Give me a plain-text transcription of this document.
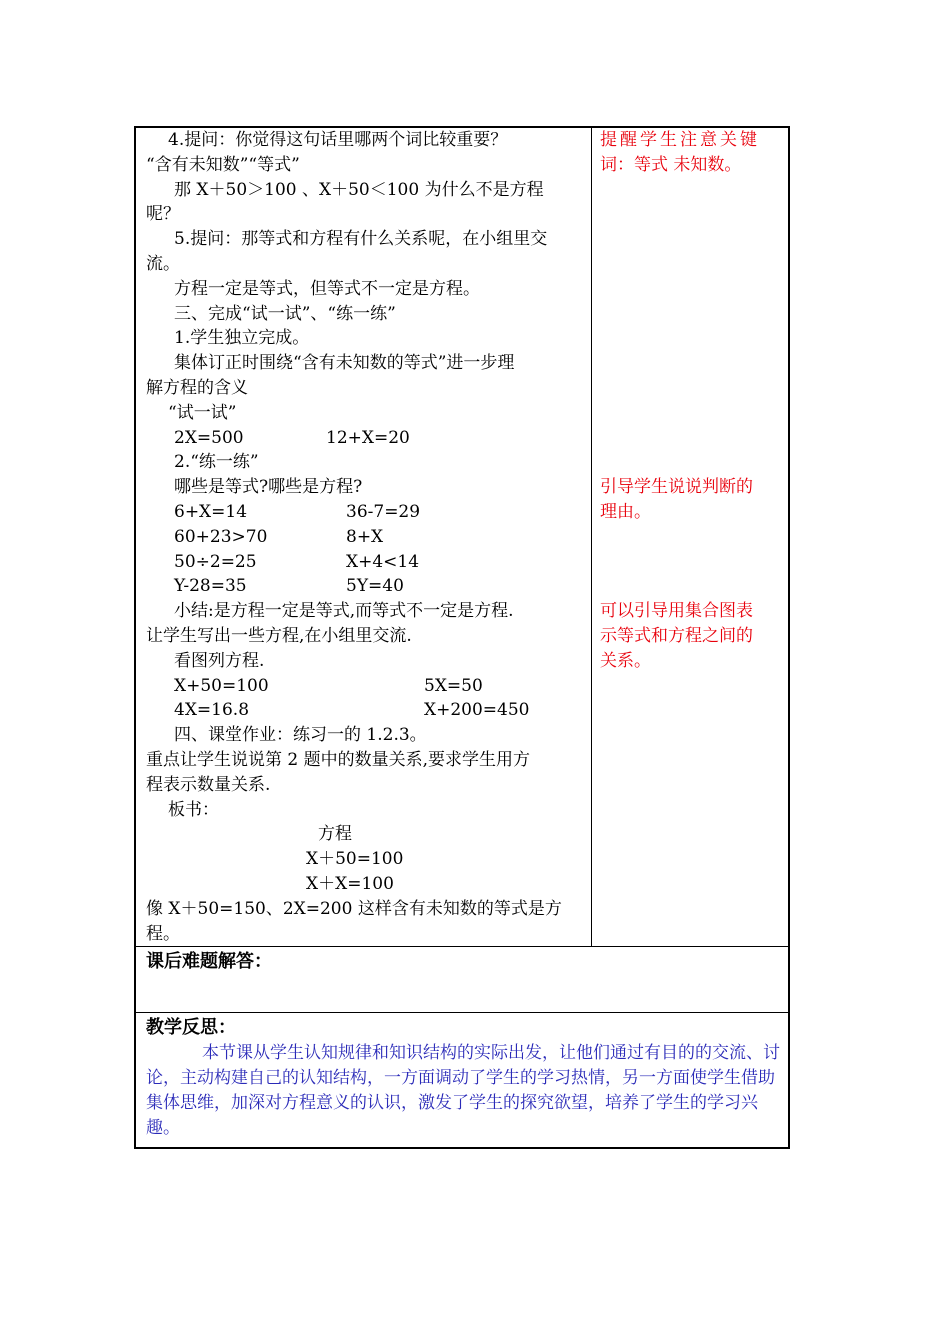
4.提问：你觉得这句话里哪两个词比较重要？
“含有未知数”“等式”
那 X＋50＞100 、X＋50＜100 为什么不是方程
呢？
5.提问：那等式和方程有什么关系呢，在小组里交
流。
方程一定是等式，但等式不一定是方程。
三、完成“试一试”、“练一练”
1.学生独立完成。
集体订正时围绕“含有未知数的等式”进一步理
解方程的含义
“试一试”
2X=500	12+X=20
2.“练一练”
哪些是等式?哪些是方程?
6+X=14	36-7=29
60+23>70	8+X
50÷2=25	X+4<14
Y-28=35	5Y=40
小结:是方程一定是等式,而等式不一定是方程.
让学生写出一些方程,在小组里交流.
看图列方程.
X+50=100	5X=50
4X=16.8	X+200=450
四、课堂作业：练习一的 1.2.3。
重点让学生说说第 2 题中的数量关系,要求学生用方
程表示数量关系.
板书：
方程
X＋50=100
X＋X=100
像 X＋50=150、2X=200 这样含有未知数的等式是方
程。
提醒学生注意关键
词：等式 未知数。
引导学生说说判断的
理由。
可以引导用集合图表
示等式和方程之间的
关系。
课后难题解答：
教学反思：
本节课从学生认知规律和知识结构的实际出发，让他们通过有目的的交流、讨论，主动构建自己的认知结构，一方面调动了学生的学习热情，另一方面使学生借助集体思维，加深对方程意义的认识，激发了学生的探究欲望，培养了学生的学习兴趣。
